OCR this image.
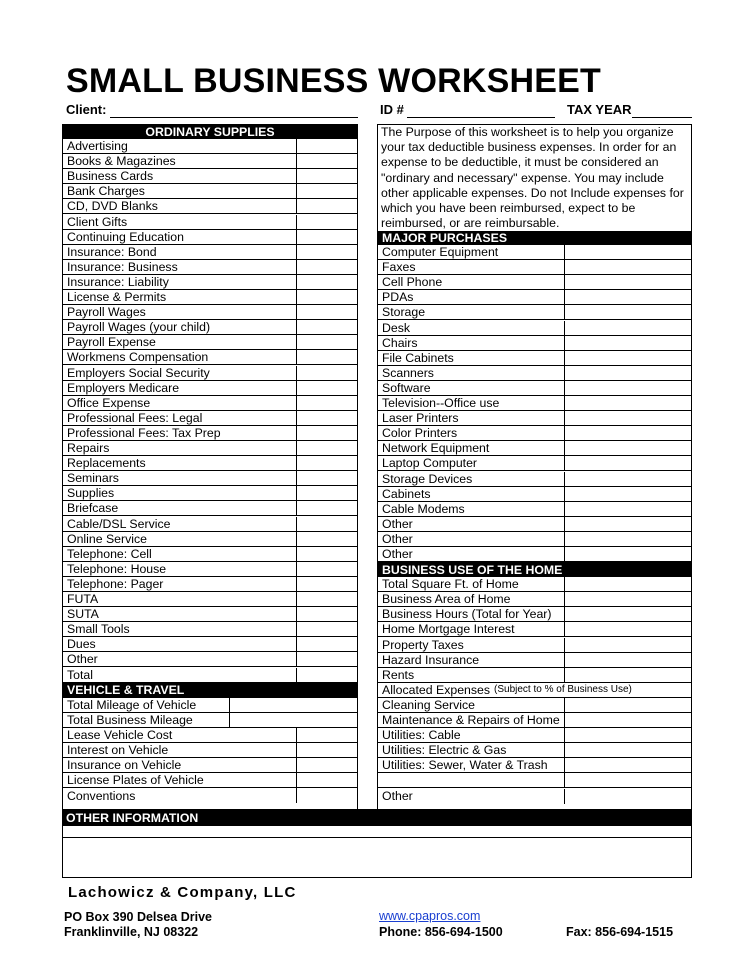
SMALL BUSINESS WORKSHEET
Client:	ID #	TAX YEAR
ORDINARY SUPPLIES
Advertising
Books & Magazines
Business Cards
Bank Charges
CD, DVD Blanks
Client Gifts
Continuing Education
Insurance: Bond
Insurance: Business
Insurance: Liability
License & Permits
Payroll Wages
Payroll Wages (your child)
Payroll Expense
Workmens Compensation
Employers Social Security
Employers Medicare
Office Expense
Professional Fees: Legal
Professional Fees: Tax Prep
Repairs
Replacements
Seminars
Supplies
Briefcase
Cable/DSL Service
Online Service
Telephone: Cell
Telephone: House
Telephone: Pager
FUTA
SUTA
Small Tools
Dues
Other
Total
VEHICLE & TRAVEL
Total Mileage of Vehicle
Total Business Mileage
Lease Vehicle Cost
Interest on Vehicle
Insurance on Vehicle
License Plates of Vehicle
Conventions
The Purpose of this worksheet is to help you organize
your tax deductible business expenses. In order for an
expense to be deductible, it must be considered an
"ordinary and necessary" expense. You may include
other applicable expenses. Do not Include expenses for
which you have been reimbursed, expect to be
reimbursed, or are reimbursable.
MAJOR PURCHASES
Computer Equipment
Faxes
Cell Phone
PDAs
Storage
Desk
Chairs
File Cabinets
Scanners
Software
Television--Office use
Laser Printers
Color Printers
Network Equipment
Laptop Computer
Storage Devices
Cabinets
Cable Modems
Other
Other
Other
BUSINESS USE OF THE HOME
Total Square Ft. of Home
Business Area of Home
Business Hours (Total for Year)
Home Mortgage Interest
Property Taxes
Hazard Insurance
Rents
Allocated Expenses (Subject to % of Business Use)
Cleaning Service
Maintenance & Repairs of Home
Utilities: Cable
Utilities: Electric & Gas
Utilities: Sewer, Water & Trash
Other
OTHER INFORMATION
Lachowicz & Company, LLC
PO Box 390 Delsea Drive
Franklinville, NJ 08322
www.cpapros.com
Phone: 856-694-1500	Fax: 856-694-1515
